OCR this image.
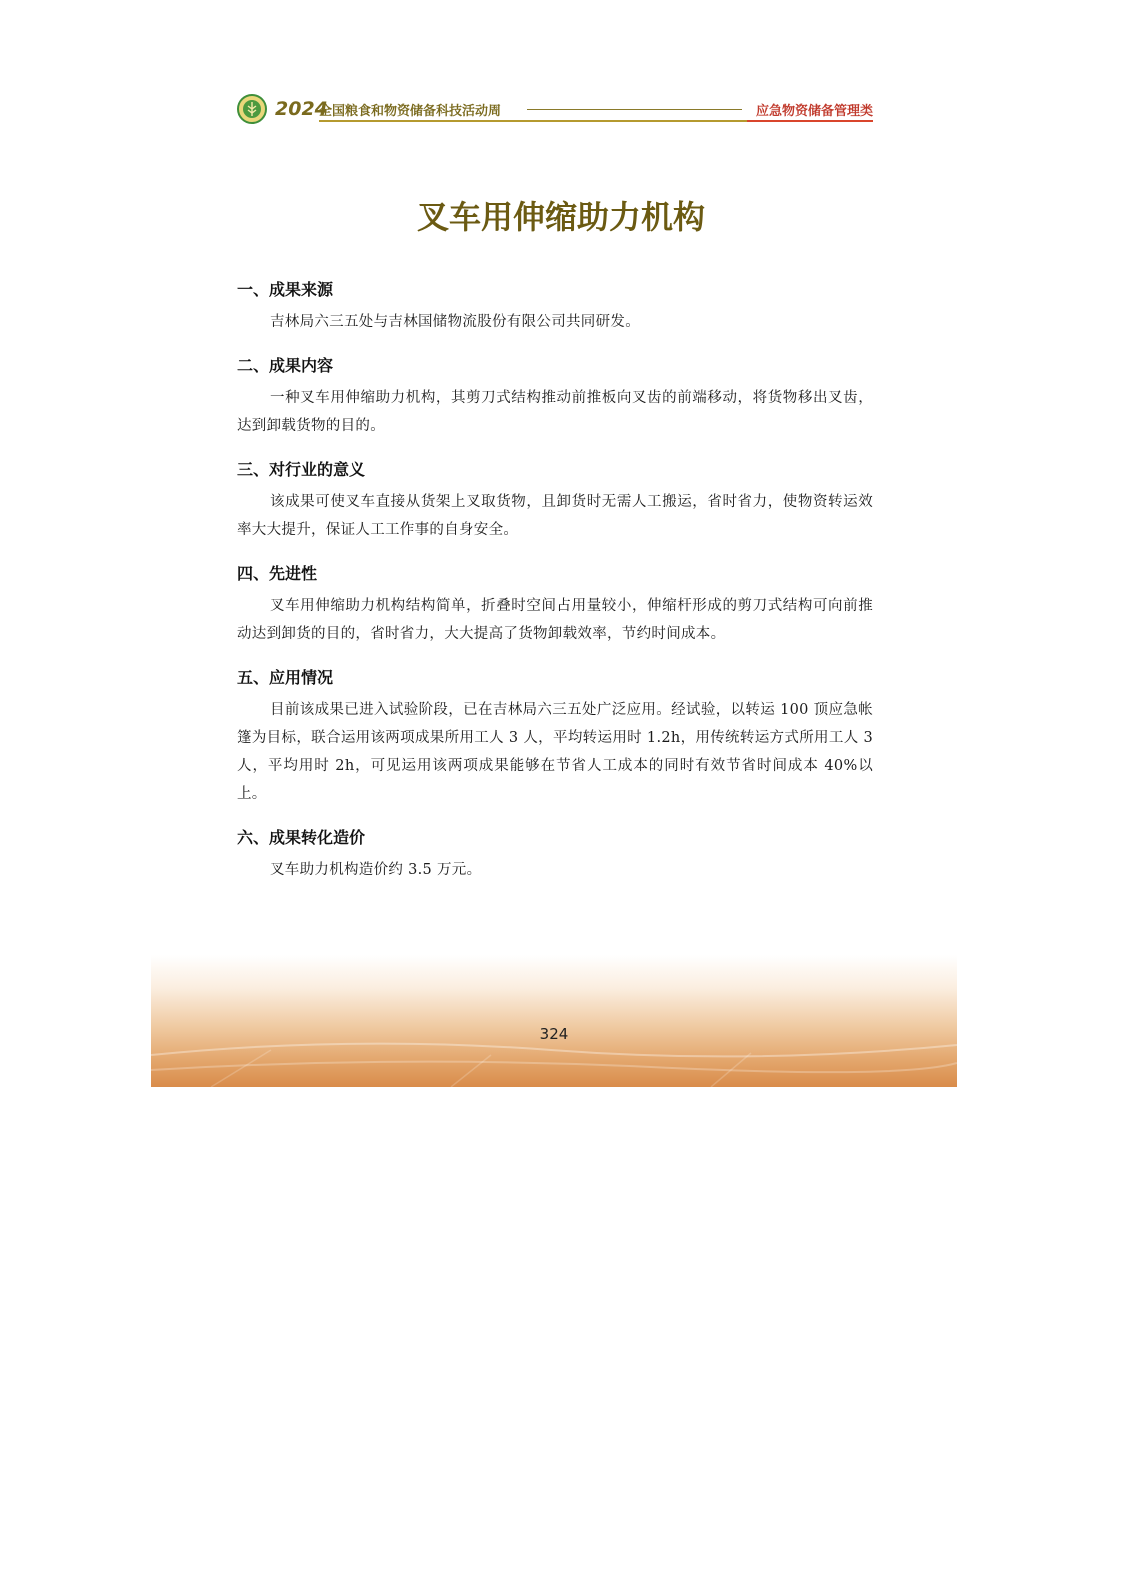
2024
全国粮食和物资储备科技活动周	应急物资储备管理类
叉车用伸缩助力机构

一、成果来源

吉林局六三五处与吉林国储物流股份有限公司共同研发。

二、成果内容

一种叉车用伸缩助力机构，其剪刀式结构推动前推板向叉齿的前端移动，将货物移出叉齿，达到卸载货物的目的。

三、对行业的意义

该成果可使叉车直接从货架上叉取货物，且卸货时无需人工搬运，省时省力，使物资转运效率大大提升，保证人工工作事的自身安全。

四、先进性

叉车用伸缩助力机构结构简单，折叠时空间占用量较小，伸缩杆形成的剪刀式结构可向前推动达到卸货的目的，省时省力，大大提高了货物卸载效率，节约时间成本。

五、应用情况

目前该成果已进入试验阶段，已在吉林局六三五处广泛应用。经试验，以转运 100 顶应急帐篷为目标，联合运用该两项成果所用工人 3 人，平均转运用时 1.2h，用传统转运方式所用工人 3 人，平均用时 2h，可见运用该两项成果能够在节省人工成本的同时有效节省时间成本 40%以上。

六、成果转化造价

叉车助力机构造价约 3.5 万元。

324
